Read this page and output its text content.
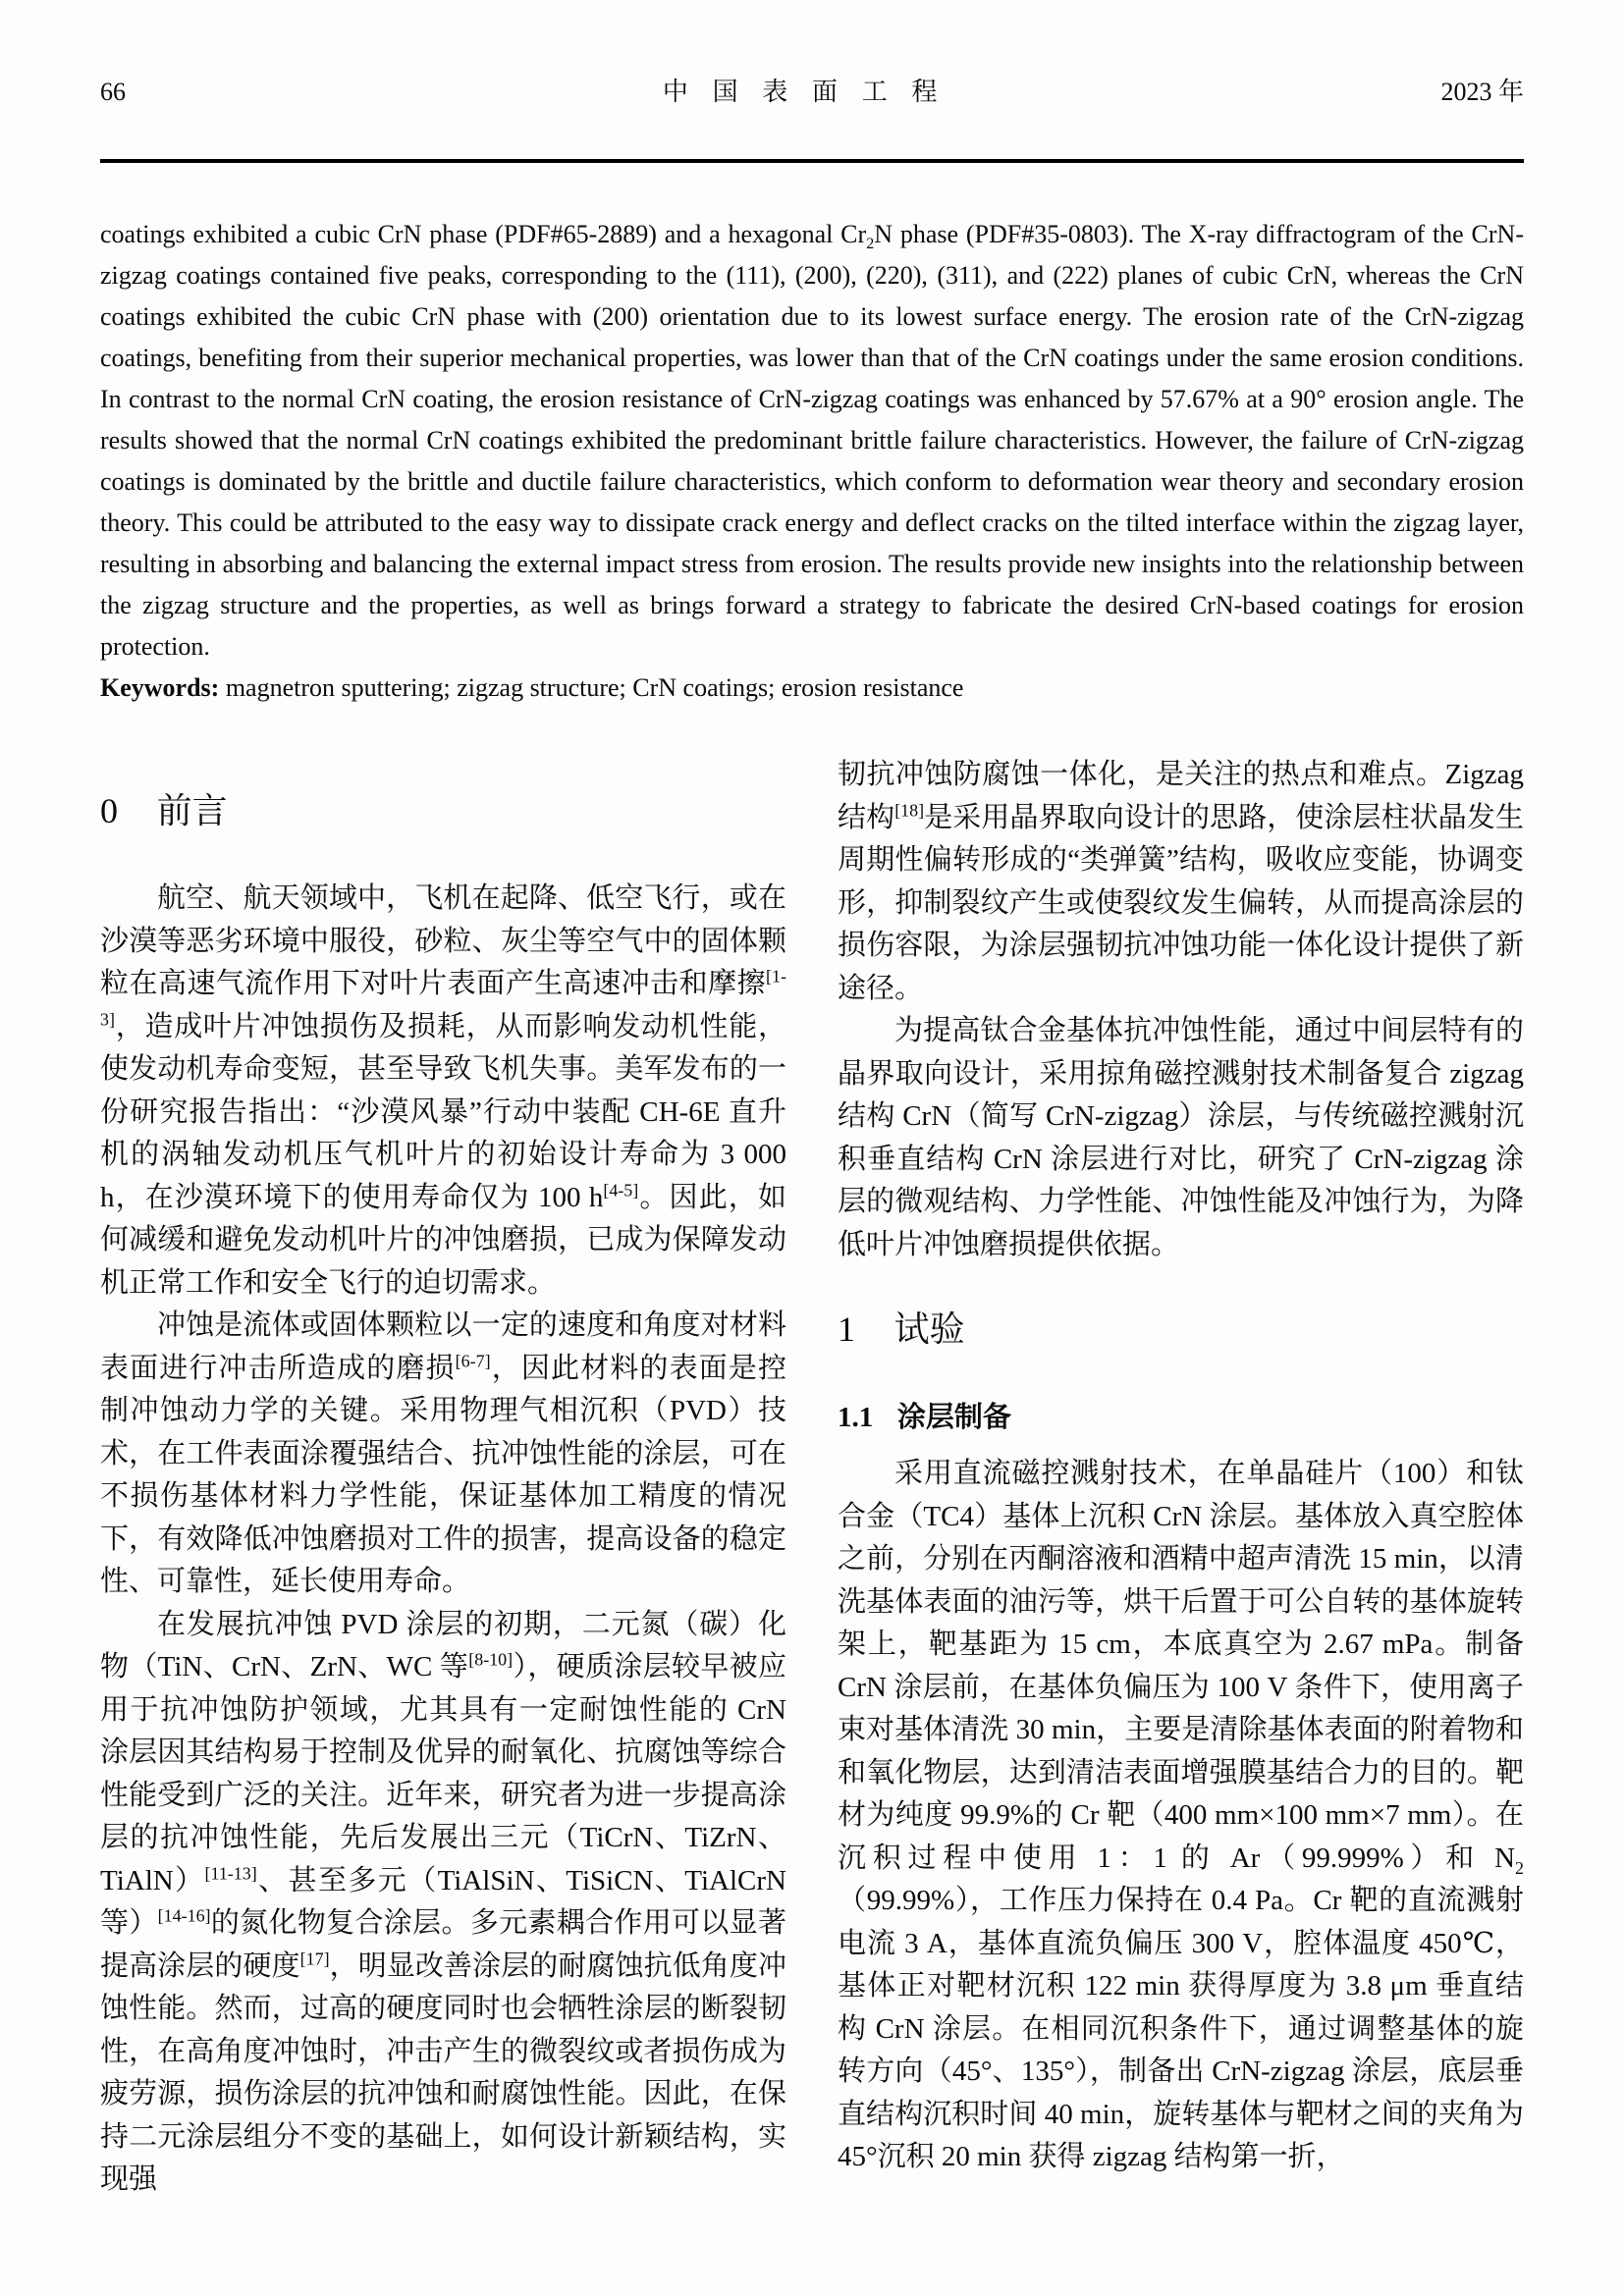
66	中国表面工程	2023 年
coatings exhibited a cubic CrN phase (PDF#65-2889) and a hexagonal $Cr_2N$ phase (PDF#35-0803). The X-ray diffractogram of the CrN-zigzag coatings contained five peaks, corresponding to the (111), (200), (220), (311), and (222) planes of cubic CrN, whereas the CrN coatings exhibited the cubic CrN phase with (200) orientation due to its lowest surface energy. The erosion rate of the CrN-zigzag coatings, benefiting from their superior mechanical properties, was lower than that of the CrN coatings under the same erosion conditions. In contrast to the normal CrN coating, the erosion resistance of CrN-zigzag coatings was enhanced by 57.67% at a 90° erosion angle. The results showed that the normal CrN coatings exhibited the predominant brittle failure characteristics. However, the failure of CrN-zigzag coatings is dominated by the brittle and ductile failure characteristics, which conform to deformation wear theory and secondary erosion theory. This could be attributed to the easy way to dissipate crack energy and deflect cracks on the tilted interface within the zigzag layer, resulting in absorbing and balancing the external impact stress from erosion. The results provide new insights into the relationship between the zigzag structure and the properties, as well as brings forward a strategy to fabricate the desired CrN-based coatings for erosion protection.
Keywords: magnetron sputtering; zigzag structure; CrN coatings; erosion resistance
0 前言

航空、航天领域中，飞机在起降、低空飞行，或在沙漠等恶劣环境中服役，砂粒、灰尘等空气中的固体颗粒在高速气流作用下对叶片表面产生高速冲击和摩擦[1-3]，造成叶片冲蚀损伤及损耗，从而影响发动机性能，使发动机寿命变短，甚至导致飞机失事。美军发布的一份研究报告指出：“沙漠风暴”行动中装配 CH-6E 直升机的涡轴发动机压气机叶片的初始设计寿命为 3 000 h，在沙漠环境下的使用寿命仅为 100 h[4-5]。因此，如何减缓和避免发动机叶片的冲蚀磨损，已成为保障发动机正常工作和安全飞行的迫切需求。

冲蚀是流体或固体颗粒以一定的速度和角度对材料表面进行冲击所造成的磨损[6-7]，因此材料的表面是控制冲蚀动力学的关键。采用物理气相沉积（PVD）技术，在工件表面涂覆强结合、抗冲蚀性能的涂层，可在不损伤基体材料力学性能，保证基体加工精度的情况下，有效降低冲蚀磨损对工件的损害，提高设备的稳定性、可靠性，延长使用寿命。

在发展抗冲蚀 PVD 涂层的初期，二元氮（碳）化物（TiN、CrN、ZrN、WC 等[8-10]），硬质涂层较早被应用于抗冲蚀防护领域，尤其具有一定耐蚀性能的 CrN 涂层因其结构易于控制及优异的耐氧化、抗腐蚀等综合性能受到广泛的关注。近年来，研究者为进一步提高涂层的抗冲蚀性能，先后发展出三元（TiCrN、TiZrN、TiAlN）[11-13]、甚至多元（TiAlSiN、TiSiCN、TiAlCrN 等）[14-16]的氮化物复合涂层。多元素耦合作用可以显著提高涂层的硬度[17]，明显改善涂层的耐腐蚀抗低角度冲蚀性能。然而，过高的硬度同时也会牺牲涂层的断裂韧性，在高角度冲蚀时，冲击产生的微裂纹或者损伤成为疲劳源，损伤涂层的抗冲蚀和耐腐蚀性能。因此，在保持二元涂层组分不变的基础上，如何设计新颖结构，实现强

韧抗冲蚀防腐蚀一体化，是关注的热点和难点。Zigzag 结构[18]是采用晶界取向设计的思路，使涂层柱状晶发生周期性偏转形成的“类弹簧”结构，吸收应变能，协调变形，抑制裂纹产生或使裂纹发生偏转，从而提高涂层的损伤容限，为涂层强韧抗冲蚀功能一体化设计提供了新途径。

为提高钛合金基体抗冲蚀性能，通过中间层特有的晶界取向设计，采用掠角磁控溅射技术制备复合 zigzag 结构 CrN（简写 CrN-zigzag）涂层，与传统磁控溅射沉积垂直结构 CrN 涂层进行对比，研究了 CrN-zigzag 涂层的微观结构、力学性能、冲蚀性能及冲蚀行为，为降低叶片冲蚀磨损提供依据。

1 试验
1.1 涂层制备

采用直流磁控溅射技术，在单晶硅片（100）和钛合金（TC4）基体上沉积 CrN 涂层。基体放入真空腔体之前，分别在丙酮溶液和酒精中超声清洗 15 min，以清洗基体表面的油污等，烘干后置于可公自转的基体旋转架上，靶基距为 15 cm，本底真空为 2.67 mPa。制备 CrN 涂层前，在基体负偏压为 100 V 条件下，使用离子束对基体清洗 30 min，主要是清除基体表面的附着物和和氧化物层，达到清洁表面增强膜基结合力的目的。靶材为纯度 99.9%的 Cr 靶（400 mm×100 mm×7 mm）。在沉积过程中使用 1：1 的 Ar（99.999%）和 $N_2(99.99\%)$，工作压力保持在 0.4 Pa。Cr 靶的直流溅射电流 3 A，基体直流负偏压 300 V，腔体温度 450℃，基体正对靶材沉积 122 min 获得厚度为 3.8 μm 垂直结构 CrN 涂层。在相同沉积条件下，通过调整基体的旋转方向（45°、135°），制备出 CrN-zigzag 涂层，底层垂直结构沉积时间 40 min，旋转基体与靶材之间的夹角为 45°沉积 20 min 获得 zigzag 结构第一折，
